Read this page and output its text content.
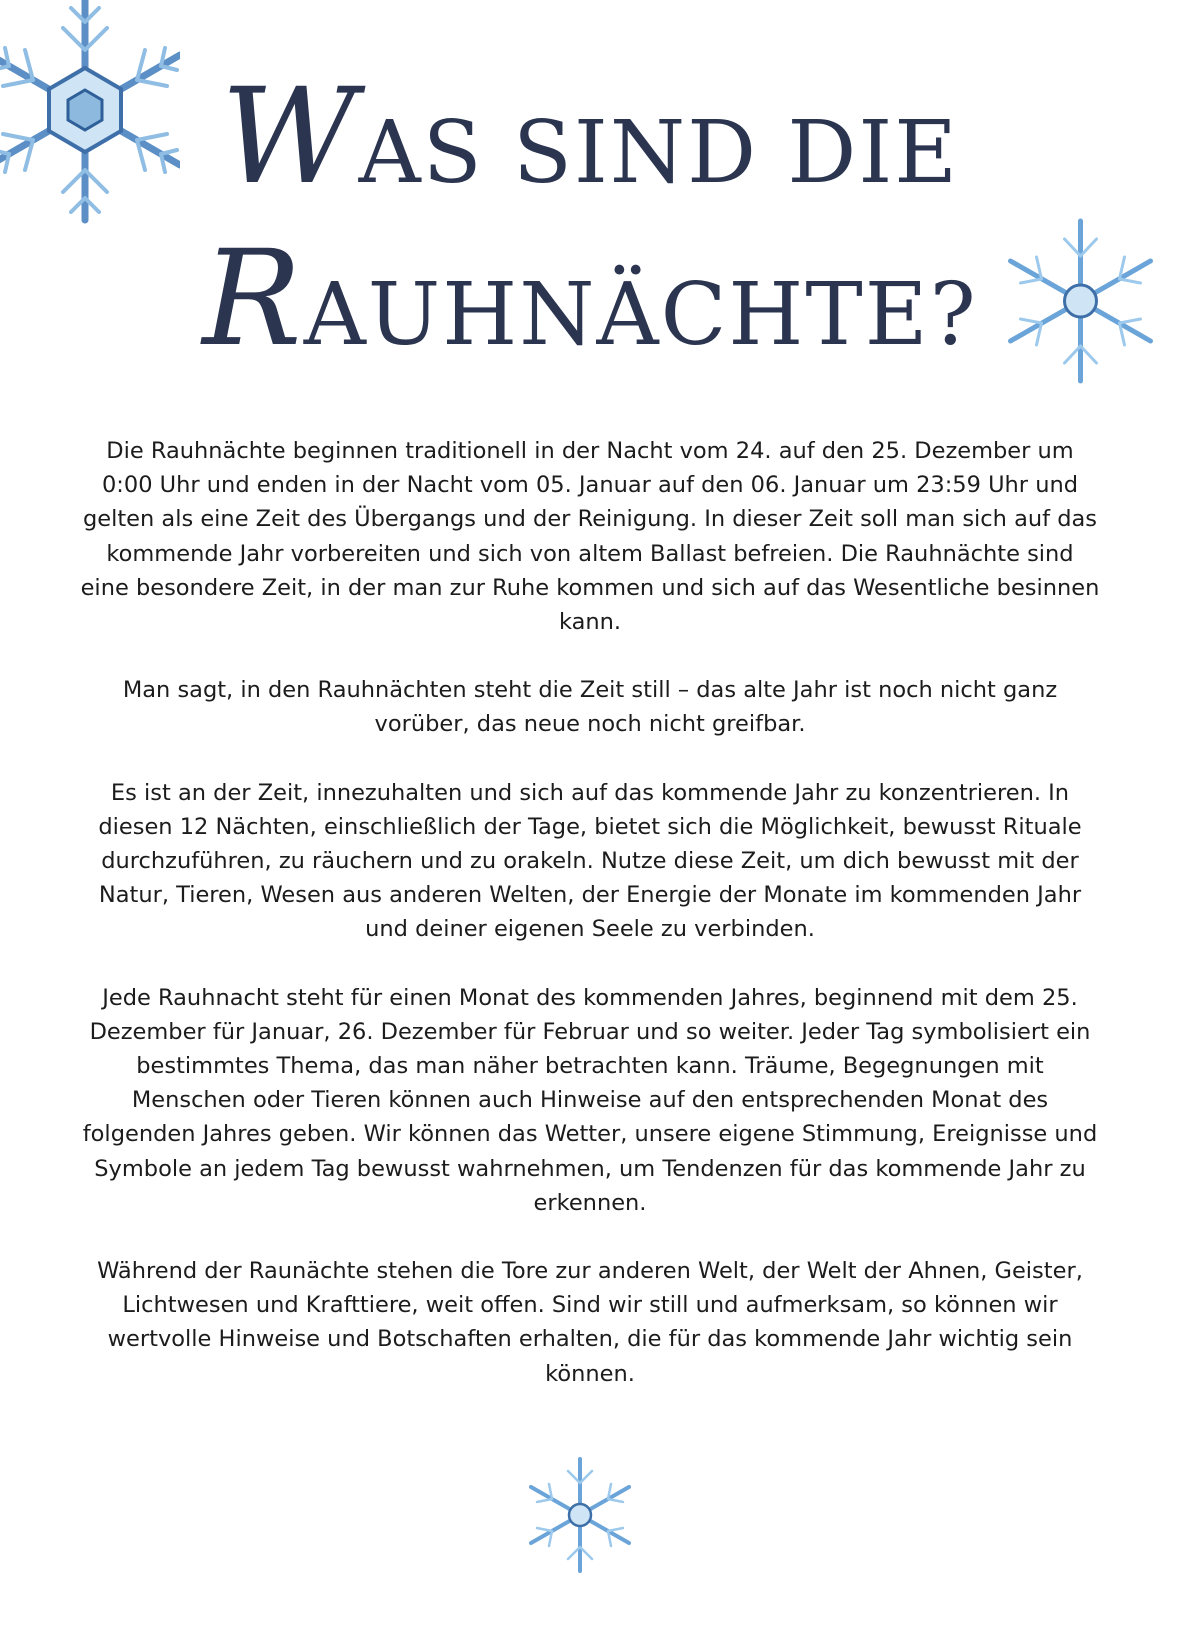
WAS SIND DIE
RAUHNÄCHTE?

Die Rauhnächte beginnen traditionell in der Nacht vom 24. auf den 25. Dezember um 0:00 Uhr und enden in der Nacht vom 05. Januar auf den 06. Januar um 23:59 Uhr und gelten als eine Zeit des Übergangs und der Reinigung. In dieser Zeit soll man sich auf das kommende Jahr vorbereiten und sich von altem Ballast befreien. Die Rauhnächte sind eine besondere Zeit, in der man zur Ruhe kommen und sich auf das Wesentliche besinnen kann.

Man sagt, in den Rauhnächten steht die Zeit still – das alte Jahr ist noch nicht ganz vorüber, das neue noch nicht greifbar.

Es ist an der Zeit, innezuhalten und sich auf das kommende Jahr zu konzentrieren. In diesen 12 Nächten, einschließlich der Tage, bietet sich die Möglichkeit, bewusst Rituale durchzuführen, zu räuchern und zu orakeln. Nutze diese Zeit, um dich bewusst mit der Natur, Tieren, Wesen aus anderen Welten, der Energie der Monate im kommenden Jahr und deiner eigenen Seele zu verbinden.

Jede Rauhnacht steht für einen Monat des kommenden Jahres, beginnend mit dem 25. Dezember für Januar, 26. Dezember für Februar und so weiter. Jeder Tag symbolisiert ein bestimmtes Thema, das man näher betrachten kann. Träume, Begegnungen mit Menschen oder Tieren können auch Hinweise auf den entsprechenden Monat des folgenden Jahres geben. Wir können das Wetter, unsere eigene Stimmung, Ereignisse und Symbole an jedem Tag bewusst wahrnehmen, um Tendenzen für das kommende Jahr zu erkennen.

Während der Raunächte stehen die Tore zur anderen Welt, der Welt der Ahnen, Geister, Lichtwesen und Krafttiere, weit offen. Sind wir still und aufmerksam, so können wir wertvolle Hinweise und Botschaften erhalten, die für das kommende Jahr wichtig sein können.
